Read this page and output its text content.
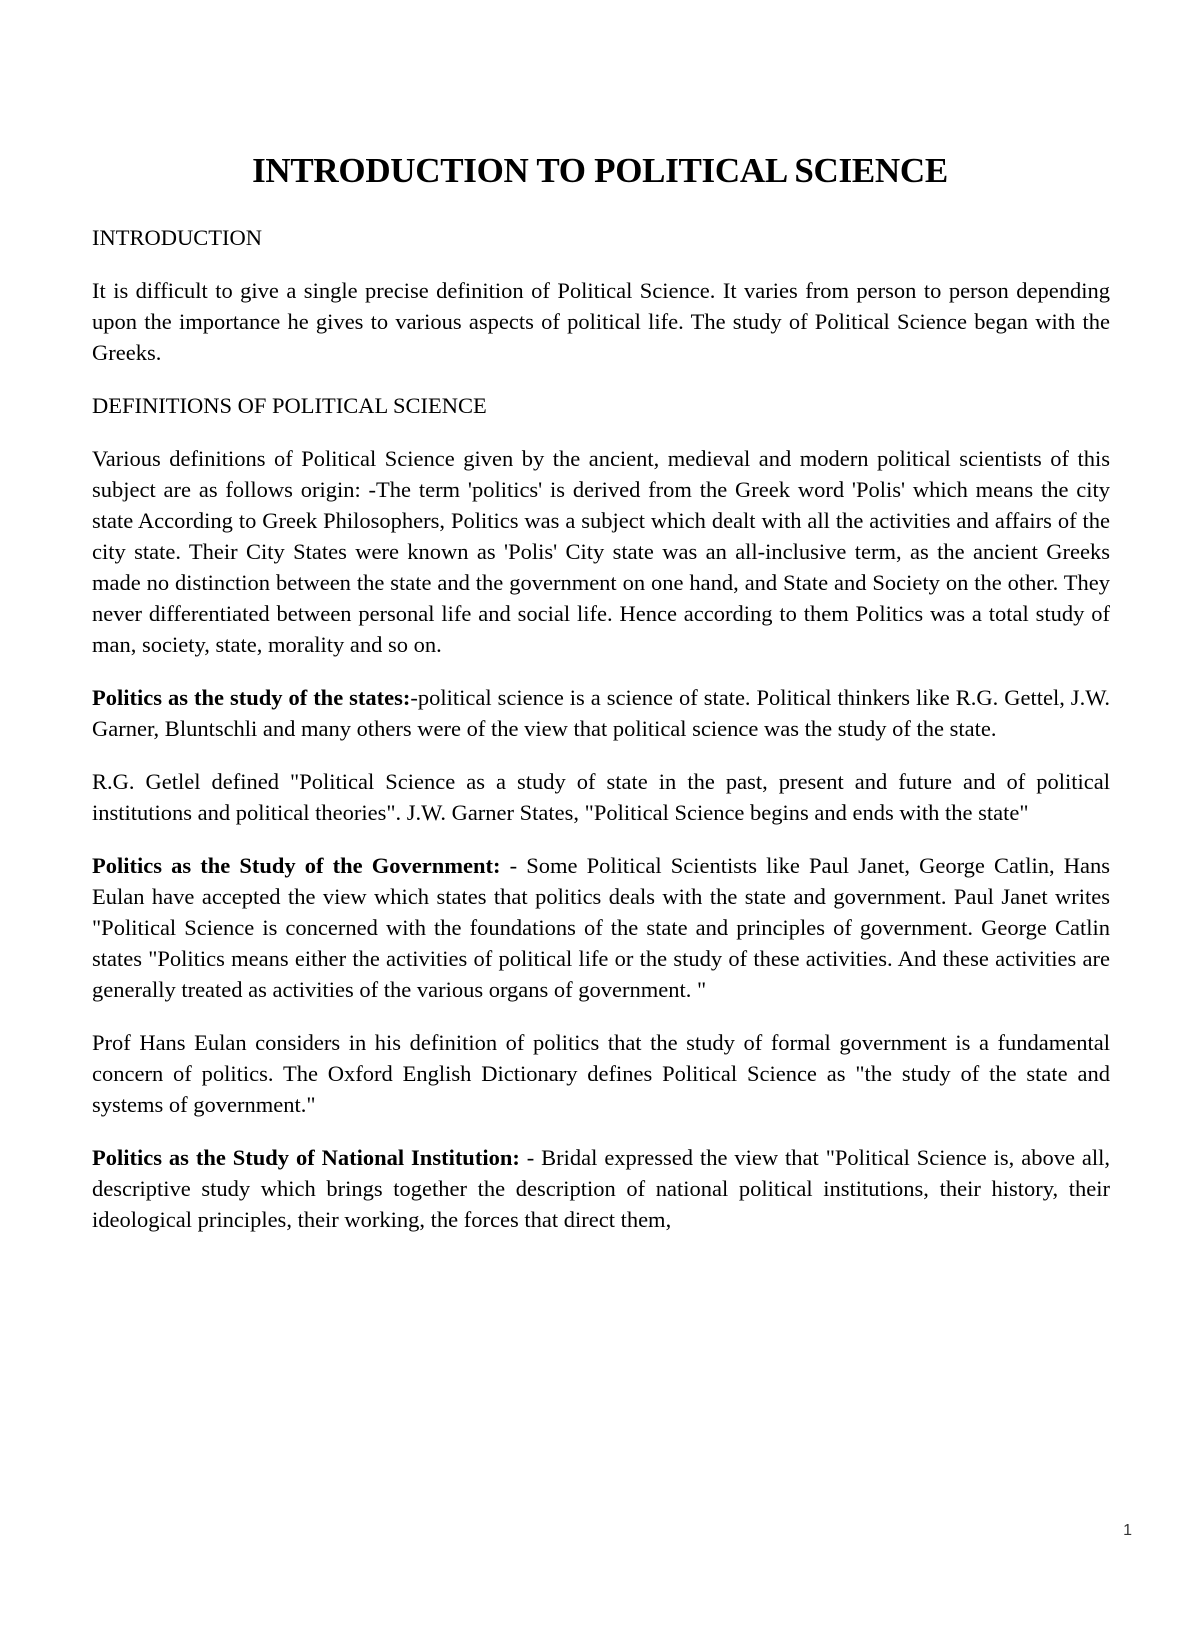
INTRODUCTION TO POLITICAL SCIENCE

INTRODUCTION

It is difficult to give a single precise definition of Political Science. It varies from person to person depending upon the importance he gives to various aspects of political life. The study of Political Science began with the Greeks.

DEFINITIONS OF POLITICAL SCIENCE

Various definitions of Political Science given by the ancient, medieval and modern political scientists of this subject are as follows origin: -The term 'politics' is derived from the Greek word 'Polis' which means the city state According to Greek Philosophers, Politics was a subject which dealt with all the activities and affairs of the city state. Their City States were known as 'Polis' City state was an all-inclusive term, as the ancient Greeks made no distinction between the state and the government on one hand, and State and Society on the other. They never differentiated between personal life and social life. Hence according to them Politics was a total study of man, society, state, morality and so on.

Politics as the study of the states:-political science is a science of state. Political thinkers like R.G. Gettel, J.W. Garner, Bluntschli and many others were of the view that political science was the study of the state.

R.G. Getlel defined "Political Science as a study of state in the past, present and future and of political institutions and political theories". J.W. Garner States, "Political Science begins and ends with the state"

Politics as the Study of the Government: - Some Political Scientists like Paul Janet, George Catlin, Hans Eulan have accepted the view which states that politics deals with the state and government. Paul Janet writes "Political Science is concerned with the foundations of the state and principles of government. George Catlin states "Politics means either the activities of political life or the study of these activities. And these activities are generally treated as activities of the various organs of government. "

Prof Hans Eulan considers in his definition of politics that the study of formal government is a fundamental concern of politics. The Oxford English Dictionary defines Political Science as "the study of the state and systems of government."

Politics as the Study of National Institution: - Bridal expressed the view that "Political Science is, above all, descriptive study which brings together the description of national political institutions, their history, their ideological principles, their working, the forces that direct them,

1
